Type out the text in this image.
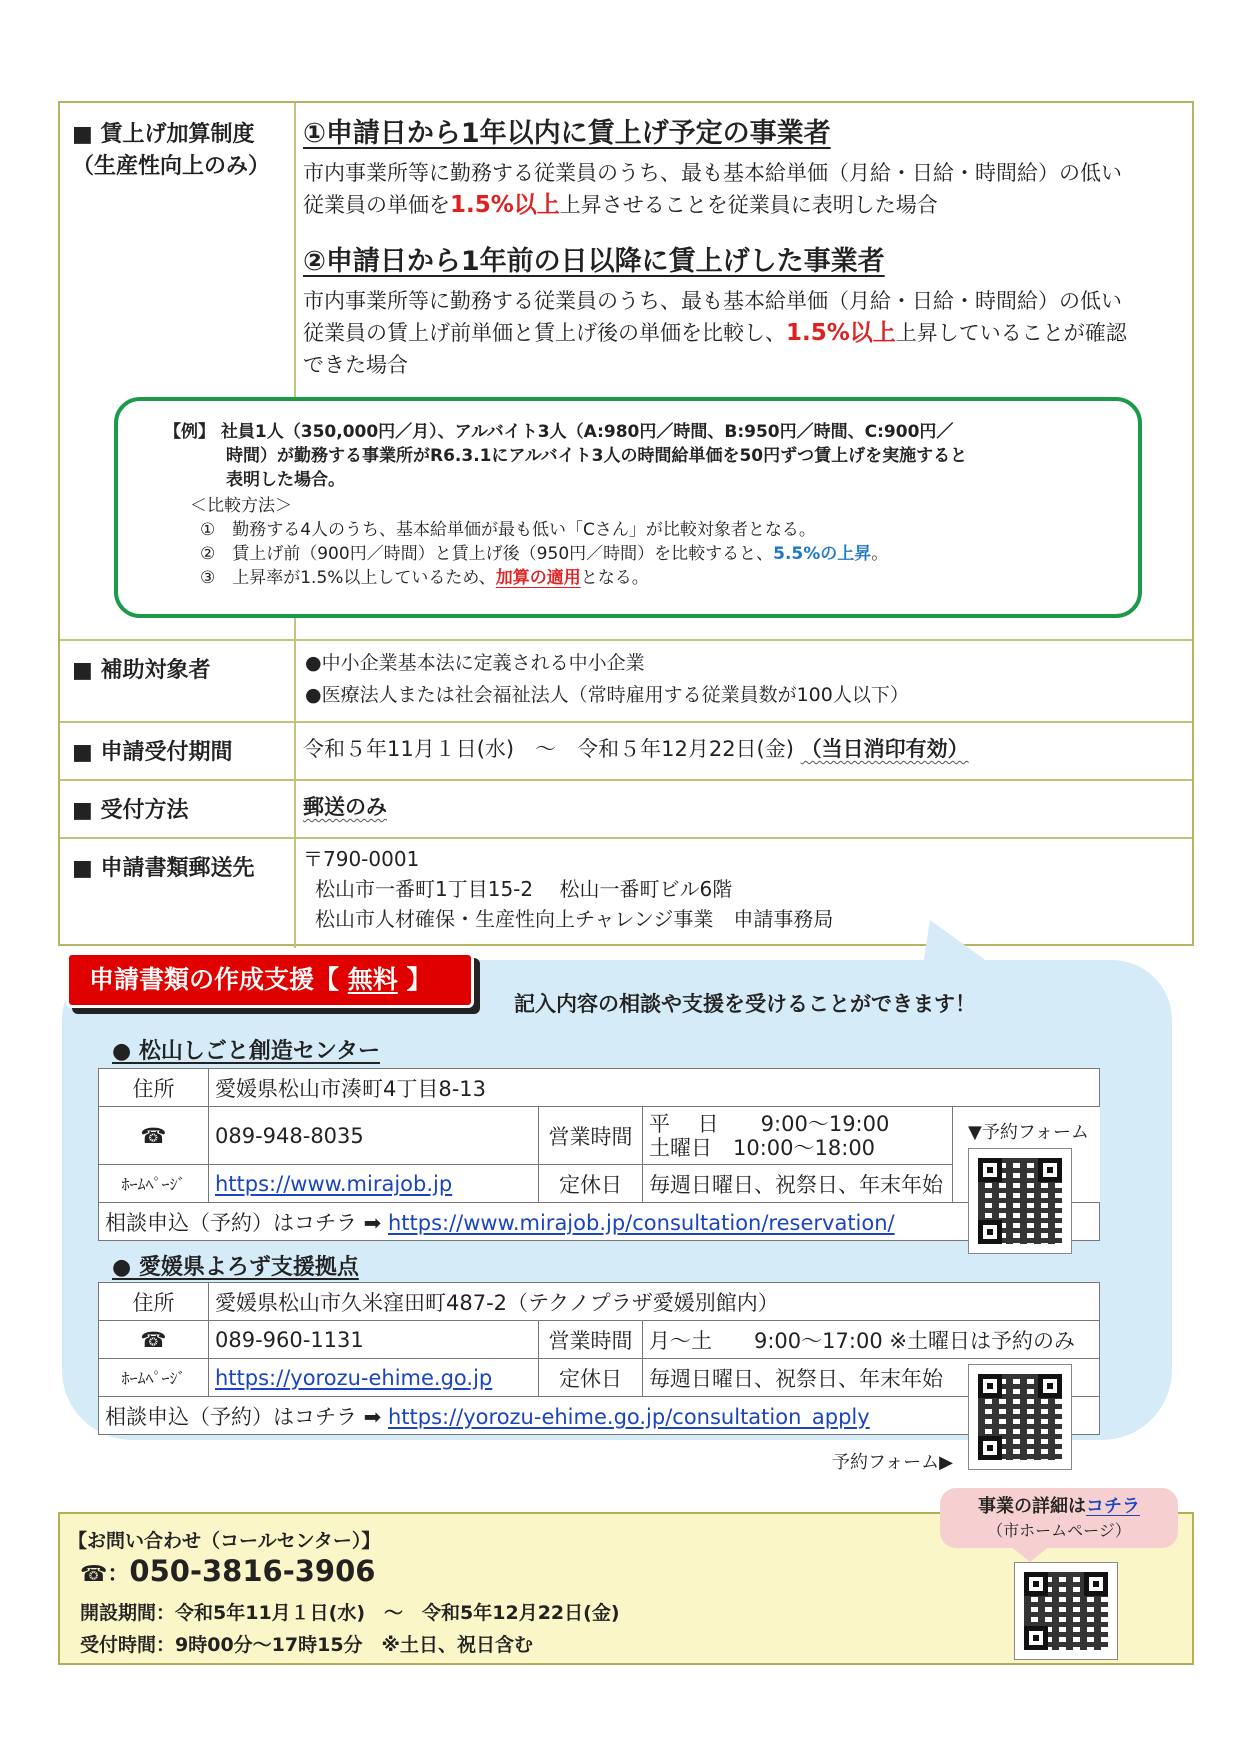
■ 賃上げ加算制度
（生産性向上のみ）
①申請日から1年以内に賃上げ予定の事業者
市内事業所等に勤務する従業員のうち、最も基本給単価（月給・日給・時間給）の低い
従業員の単価を1.5%以上上昇させることを従業員に表明した場合
②申請日から1年前の日以降に賃上げした事業者
市内事業所等に勤務する従業員のうち、最も基本給単価（月給・日給・時間給）の低い
従業員の賃上げ前単価と賃上げ後の単価を比較し、1.5%以上上昇していることが確認
できた場合
■ 補助対象者	●中小企業基本法に定義される中小企業
●医療法人または社会福祉法人（常時雇用する従業員数が100人以下）
■ 申請受付期間	令和５年11月１日(水)　～　令和５年12月22日(金) （当日消印有効）
■ 受付方法	郵送のみ
■ 申請書類郵送先 〒790-0001
松山市一番町1丁目15-2　 松山一番町ビル6階
松山市人材確保・生産性向上チャレンジ事業　申請事務局
【例】 社員1人（350,000円／月）、アルバイト3人（A:980円／時間、B:950円／時間、C:900円／
時間）が勤務する事業所がR6.3.1にアルバイト3人の時間給単価を50円ずつ賃上げを実施すると
表明した場合。
＜比較方法＞
①　勤務する4人のうち、基本給単価が最も低い「Cさん」が比較対象者となる。
②　賃上げ前（900円／時間）と賃上げ後（950円／時間）を比較すると、5.5%の上昇。
③　上昇率が1.5%以上しているため、加算の適用となる。
申請書類の作成支援【 無料 】
記入内容の相談や支援を受けることができます！
● 松山しごと創造センター
住所	愛媛県松山市湊町4丁目8-13			
☎	089-948-8035	営業時間	平　 日　　9:00～19:00
土曜日　10:00～18:00	

ﾎｰﾑﾍﾟｰｼﾞ	https://www.mirajob.jp	定休日	毎週日曜日、祝祭日、年末年始	
相談申込（予約）はコチラ ➡ https://www.mirajob.jp/consultation/reservation/				
▼予約フォーム
● 愛媛県よろず支援拠点
住所	愛媛県松山市久米窪田町487-2（テクノプラザ愛媛別館内）		
☎	089-960-1131	営業時間	月～土　　9:00～17:00 ※土曜日は予約のみ
ﾎｰﾑﾍﾟｰｼﾞ	https://yorozu-ehime.go.jp	定休日	毎週日曜日、祝祭日、年末年始
相談申込（予約）はコチラ ➡ https://yorozu-ehime.go.jp/consultation_apply			
予約フォーム▶
【お問い合わせ（コールセンター）】
☎：050-3816-3906
開設期間：令和5年11月１日(水)　～　令和5年12月22日(金)
受付時間：9時00分～17時15分　※土日、祝日含む
事業の詳細はコチラ
（市ホームページ）
